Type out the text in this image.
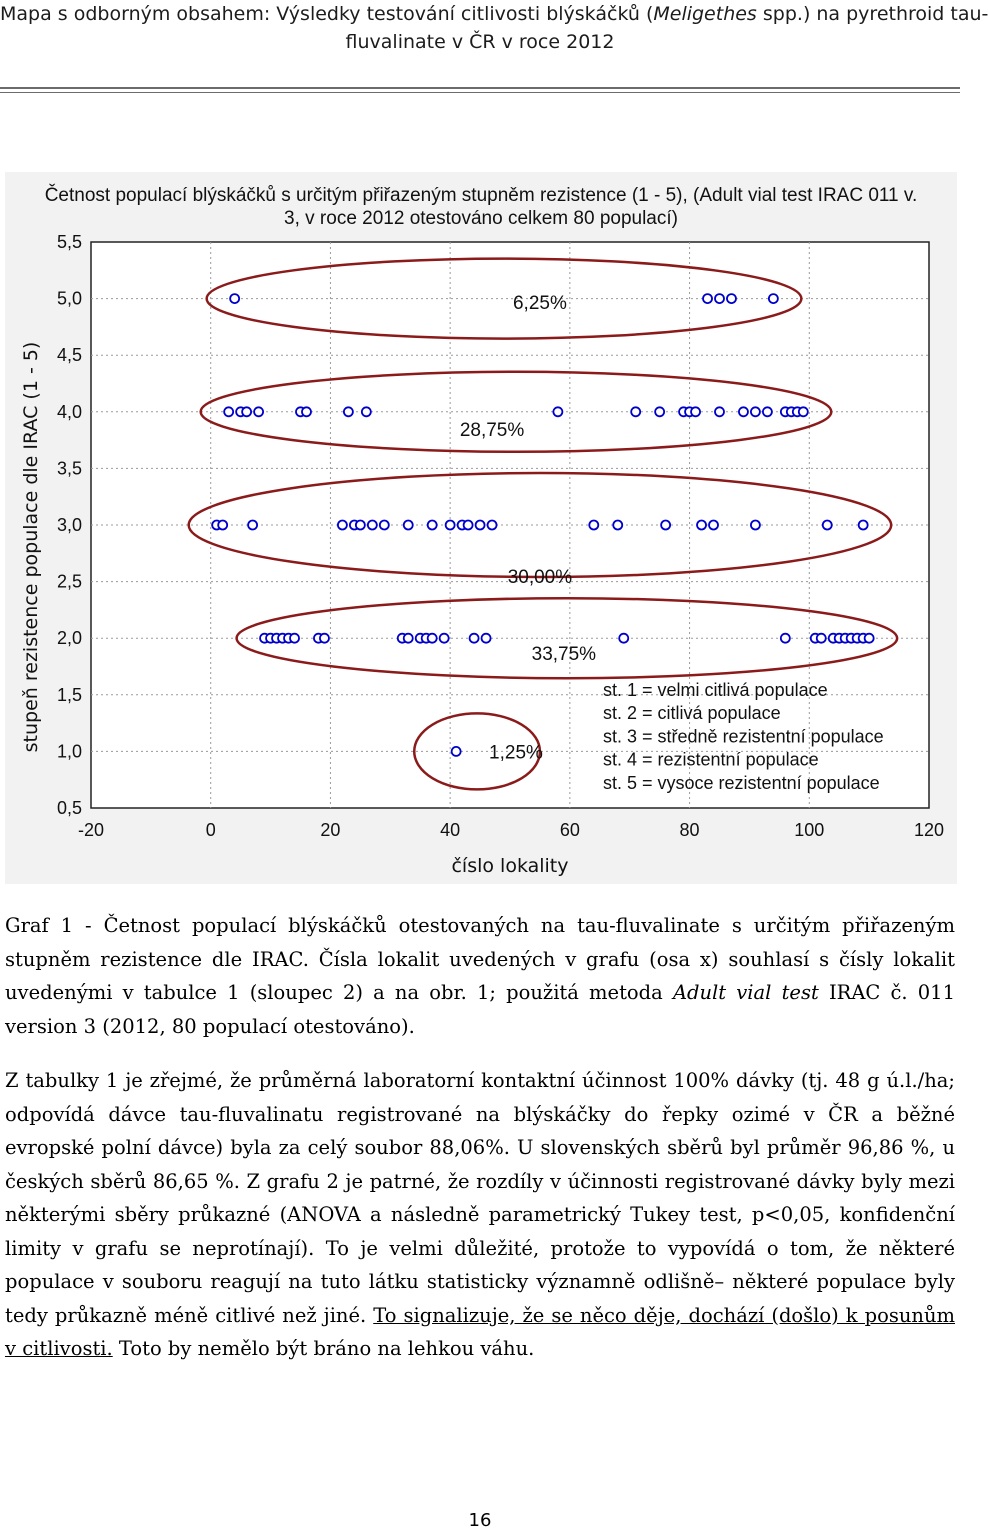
Mapa s odborným obsahem: Výsledky testování citlivosti blýskáčků (Meligethes spp.) na pyrethroid tau-
fluvalinate v ČR v roce 2012
Četnost populací blýskáčků s určitým přiřazeným stupněm rezistence (1 - 5), (Adult vial test IRAC 011 v.
3, v roce 2012 otestováno celkem 80 populací)
0,5
1,0
1,5
2,0
2,5
3,0
3,5
4,0
4,5
5,0
5,5
-20	0	20	40	60	80	100	120
6,25%
28,75%
30,00%
33,75%
1,25%
st. 1 = velmi citlivá populace
st. 2 = citlivá populace
st. 3 = středně rezistentní populace
st. 4 = rezistentní populace
st. 5 = vysoce rezistentní populace
číslo lokality
stupeň rezistence populace dle IRAC (1 - 5)

Graf 1 - Četnost populací blýskáčků otestovaných na tau-fluvalinate s určitým přiřazeným stupněm rezistence dle IRAC. Čísla lokalit uvedených v grafu (osa x) souhlasí s čísly lokalit uvedenými v tabulce 1 (sloupec 2) a na obr. 1; použitá metoda Adult vial test IRAC č. 011 version 3 (2012, 80 populací otestováno).

Z tabulky 1 je zřejmé, že průměrná laboratorní kontaktní účinnost 100% dávky (tj. 48 g ú.l./ha; odpovídá dávce tau-fluvalinatu registrované na blýskáčky do řepky ozimé v ČR a běžné evropské polní dávce) byla za celý soubor 88,06%. U slovenských sběrů byl průměr 96,86 %, u českých sběrů 86,65 %. Z grafu 2 je patrné, že rozdíly v účinnosti registrované dávky byly mezi některými sběry průkazné (ANOVA a následně parametrický Tukey test, p<0,05, konfidenční limity v grafu se neprotínají). To je velmi důležité, protože to vypovídá o tom, že některé populace v souboru reagují na tuto látku statisticky významně odlišně– některé populace byly tedy průkazně méně citlivé než jiné. To signalizuje, že se něco děje, dochází (došlo) k posunům v citlivosti. Toto by nemělo být bráno na lehkou váhu.

16
